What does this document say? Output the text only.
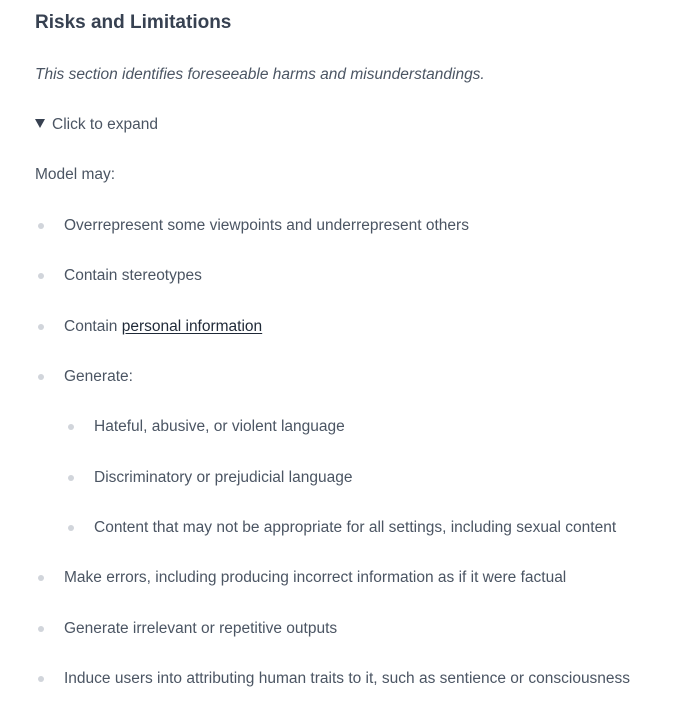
Risks and Limitations

This section identifies foreseeable harms and misunderstandings.

Click to expand
Model may:
Overrepresent some viewpoints and underrepresent others
Contain stereotypes
Contain personal information
Generate:
Hateful, abusive, or violent language
Discriminatory or prejudicial language
Content that may not be appropriate for all settings, including sexual content
Make errors, including producing incorrect information as if it were factual
Generate irrelevant or repetitive outputs
Induce users into attributing human traits to it, such as sentience or consciousness
